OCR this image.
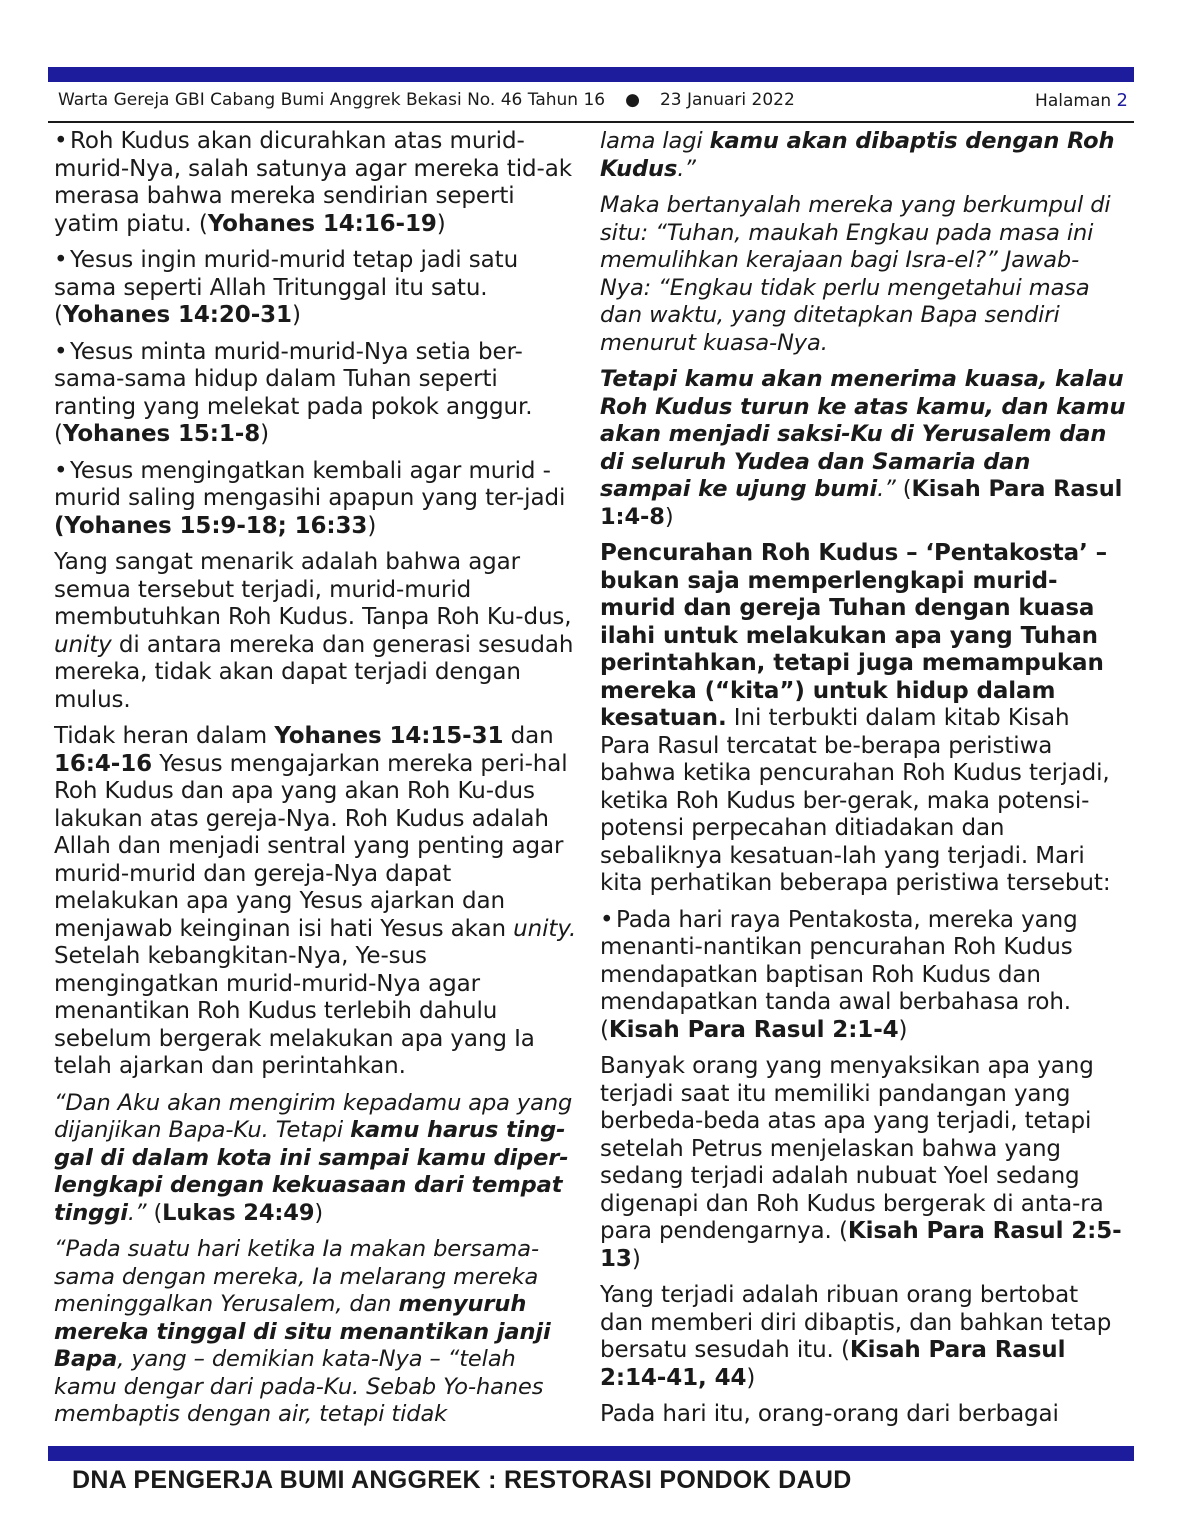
Warta Gereja GBI Cabang Bumi Anggrek Bekasi No. 46 Tahun 16 ● 23 Januari 2022	Halaman 2

• Roh Kudus akan dicurahkan atas murid-murid-Nya, salah satunya agar mereka tid-ak merasa bahwa mereka sendirian seperti yatim piatu. (Yohanes 14:16-19)

• Yesus ingin murid-murid tetap jadi satu sama seperti Allah Tritunggal itu satu. (Yohanes 14:20-31)

• Yesus minta murid-murid-Nya setia ber-sama-sama hidup dalam Tuhan seperti ranting yang melekat pada pokok anggur. (Yohanes 15:1-8)

• Yesus mengingatkan kembali agar murid -murid saling mengasihi apapun yang ter-jadi (Yohanes 15:9-18; 16:33)

Yang sangat menarik adalah bahwa agar semua tersebut terjadi, murid-murid membutuhkan Roh Kudus. Tanpa Roh Ku-dus, unity di antara mereka dan generasi sesudah mereka, tidak akan dapat terjadi dengan mulus.

Tidak heran dalam Yohanes 14:15-31 dan 16:4-16 Yesus mengajarkan mereka peri-hal Roh Kudus dan apa yang akan Roh Ku-dus lakukan atas gereja-Nya. Roh Kudus adalah Allah dan menjadi sentral yang penting agar murid-murid dan gereja-Nya dapat melakukan apa yang Yesus ajarkan dan menjawab keinginan isi hati Yesus akan unity. Setelah kebangkitan-Nya, Ye-sus mengingatkan murid-murid-Nya agar menantikan Roh Kudus terlebih dahulu sebelum bergerak melakukan apa yang Ia telah ajarkan dan perintahkan.

“Dan Aku akan mengirim kepadamu apa yang dijanjikan Bapa-Ku. Tetapi kamu harus ting-gal di dalam kota ini sampai kamu diper-lengkapi dengan kekuasaan dari tempat tinggi.” (Lukas 24:49)

“Pada suatu hari ketika Ia makan bersama-sama dengan mereka, Ia melarang mereka meninggalkan Yerusalem, dan menyuruh mereka tinggal di situ menantikan janji Bapa, yang – demikian kata-Nya – “telah kamu dengar dari pada-Ku. Sebab Yo-hanes membaptis dengan air, tetapi tidak

lama lagi kamu akan dibaptis dengan Roh Kudus.”

Maka bertanyalah mereka yang berkumpul di situ: “Tuhan, maukah Engkau pada masa ini memulihkan kerajaan bagi Isra-el?” Jawab-Nya: “Engkau tidak perlu mengetahui masa dan waktu, yang ditetapkan Bapa sendiri menurut kuasa-Nya.

Tetapi kamu akan menerima kuasa, kalau Roh Kudus turun ke atas kamu, dan kamu akan menjadi saksi-Ku di Yerusalem dan di seluruh Yudea dan Samaria dan sampai ke ujung bumi.” (Kisah Para Rasul 1:4-8)

Pencurahan Roh Kudus – ‘Pentakosta’ – bukan saja memperlengkapi murid-murid dan gereja Tuhan dengan kuasa ilahi untuk melakukan apa yang Tuhan perintahkan, tetapi juga memampukan mereka (“kita”) untuk hidup dalam kesatuan. Ini terbukti dalam kitab Kisah Para Rasul tercatat be-berapa peristiwa bahwa ketika pencurahan Roh Kudus terjadi, ketika Roh Kudus ber-gerak, maka potensi-potensi perpecahan ditiadakan dan sebaliknya kesatuan-lah yang terjadi. Mari kita perhatikan beberapa peristiwa tersebut:

• Pada hari raya Pentakosta, mereka yang menanti-nantikan pencurahan Roh Kudus mendapatkan baptisan Roh Kudus dan mendapatkan tanda awal berbahasa roh. (Kisah Para Rasul 2:1-4)

Banyak orang yang menyaksikan apa yang terjadi saat itu memiliki pandangan yang berbeda-beda atas apa yang terjadi, tetapi setelah Petrus menjelaskan bahwa yang sedang terjadi adalah nubuat Yoel sedang digenapi dan Roh Kudus bergerak di anta-ra para pendengarnya. (Kisah Para Rasul 2:5-13)

Yang terjadi adalah ribuan orang bertobat dan memberi diri dibaptis, dan bahkan tetap bersatu sesudah itu. (Kisah Para Rasul 2:14-41, 44)

Pada hari itu, orang-orang dari berbagai

DNA PENGERJA BUMI ANGGREK : RESTORASI PONDOK DAUD
